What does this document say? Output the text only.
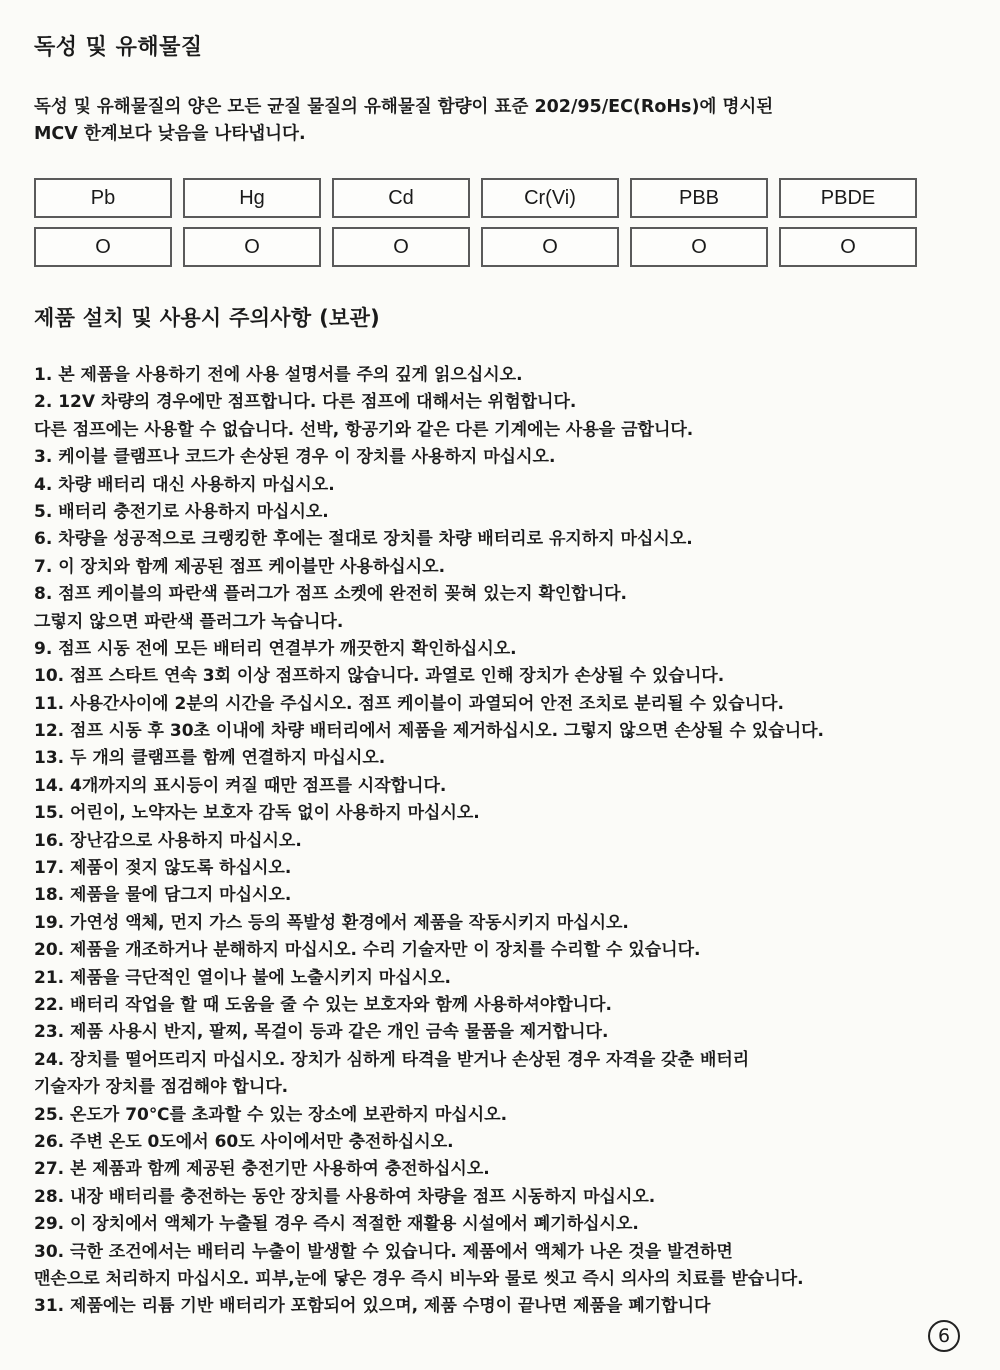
독성 및 유해물질
독성 및 유해물질의 양은 모든 균질 물질의 유해물질 함량이 표준 202/95/EC(RoHs)에 명시된
MCV 한계보다 낮음을 나타냅니다.
Pb	Hg	Cd	Cr(Vi)	PBB	PBDE
O	O	O	O	O	O
제품 설치 및 사용시 주의사항 (보관)
1. 본 제품을 사용하기 전에 사용 설명서를 주의 깊게 읽으십시오.
2. 12V 차량의 경우에만 점프합니다. 다른 점프에 대해서는 위험합니다.
다른 점프에는 사용할 수 없습니다. 선박, 항공기와 같은 다른 기계에는 사용을 금합니다.
3. 케이블 클램프나 코드가 손상된 경우 이 장치를 사용하지 마십시오.
4. 차량 배터리 대신 사용하지 마십시오.
5. 배터리 충전기로 사용하지 마십시오.
6. 차량을 성공적으로 크랭킹한 후에는 절대로 장치를 차량 배터리로 유지하지 마십시오.
7. 이 장치와 함께 제공된 점프 케이블만 사용하십시오.
8. 점프 케이블의 파란색 플러그가 점프 소켓에 완전히 꽂혀 있는지 확인합니다.
그렇지 않으면 파란색 플러그가 녹습니다.
9. 점프 시동 전에 모든 배터리 연결부가 깨끗한지 확인하십시오.
10. 점프 스타트 연속 3회 이상 점프하지 않습니다. 과열로 인해 장치가 손상될 수 있습니다.
11. 사용간사이에 2분의 시간을 주십시오. 점프 케이블이 과열되어 안전 조치로 분리될 수 있습니다.
12. 점프 시동 후 30초 이내에 차량 배터리에서 제품을 제거하십시오. 그렇지 않으면 손상될 수 있습니다.
13. 두 개의 클램프를 함께 연결하지 마십시오.
14. 4개까지의 표시등이 켜질 때만 점프를 시작합니다.
15. 어린이, 노약자는 보호자 감독 없이 사용하지 마십시오.
16. 장난감으로 사용하지 마십시오.
17. 제품이 젖지 않도록 하십시오.
18. 제품을 물에 담그지 마십시오.
19. 가연성 액체, 먼지 가스 등의 폭발성 환경에서 제품을 작동시키지 마십시오.
20. 제품을 개조하거나 분해하지 마십시오. 수리 기술자만 이 장치를 수리할 수 있습니다.
21. 제품을 극단적인 열이나 불에 노출시키지 마십시오.
22. 배터리 작업을 할 때 도움을 줄 수 있는 보호자와 함께 사용하셔야합니다.
23. 제품 사용시 반지, 팔찌, 목걸이 등과 같은 개인 금속 물품을 제거합니다.
24. 장치를 떨어뜨리지 마십시오. 장치가 심하게 타격을 받거나 손상된 경우 자격을 갖춘 배터리
기술자가 장치를 점검해야 합니다.
25. 온도가 70℃를 초과할 수 있는 장소에 보관하지 마십시오.
26. 주변 온도 0도에서 60도 사이에서만 충전하십시오.
27. 본 제품과 함께 제공된 충전기만 사용하여 충전하십시오.
28. 내장 배터리를 충전하는 동안 장치를 사용하여 차량을 점프 시동하지 마십시오.
29. 이 장치에서 액체가 누출될 경우 즉시 적절한 재활용 시설에서 폐기하십시오.
30. 극한 조건에서는 배터리 누출이 발생할 수 있습니다. 제품에서 액체가 나온 것을 발견하면
맨손으로 처리하지 마십시오. 피부,눈에 닿은 경우 즉시 비누와 물로 씻고 즉시 의사의 치료를 받습니다.
31. 제품에는 리튬 기반 배터리가 포함되어 있으며, 제품 수명이 끝나면 제품을 폐기합니다
6
